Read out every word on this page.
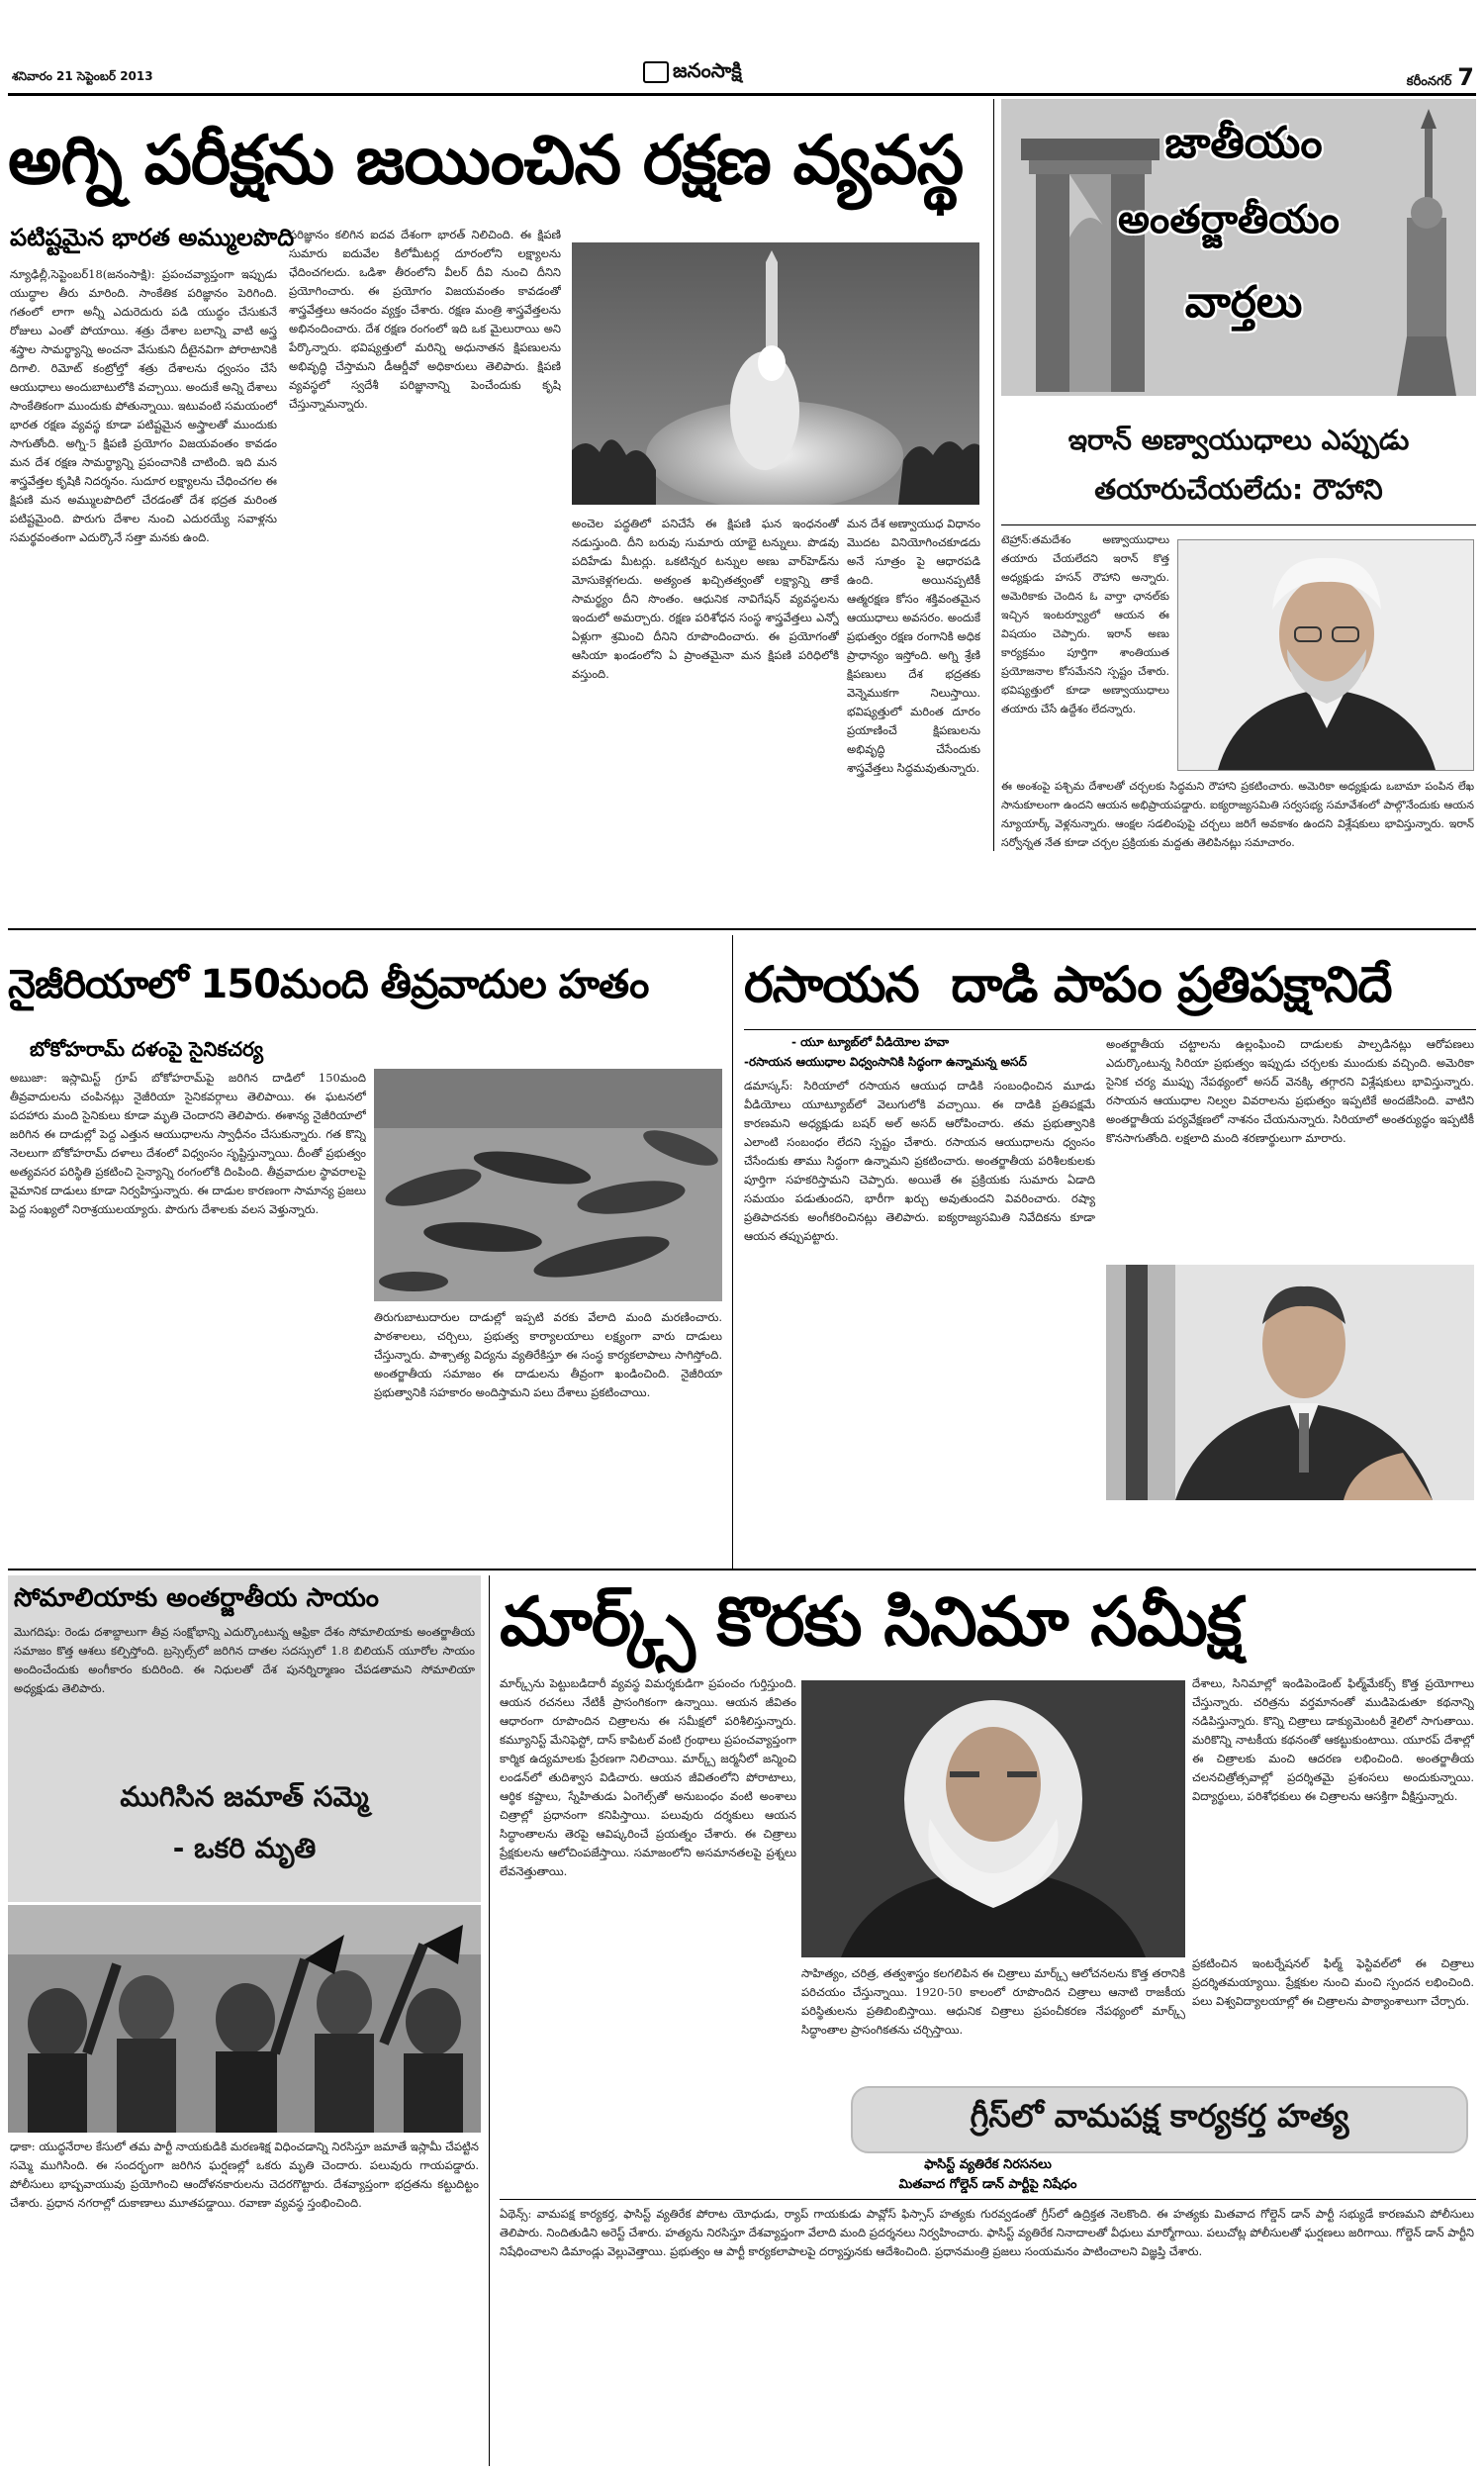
శనివారం 21 సెప్టెంబర్ 2013	జనంసాక్షి	కరీంనగర్ 7
అగ్ని పరీక్షను జయించిన రక్షణ వ్యవస్థ
పటిష్టమైన భారత అమ్ములపొది
న్యూఢిల్లీ,సెప్టెంబర్18(జనంసాక్షి): ప్రపంచవ్యాప్తంగా ఇప్పుడు యుద్ధాల తీరు మారింది. సాంకేతిక పరిజ్ఞానం పెరిగింది. గతంలో లాగా అన్నీ ఎదురెదురు పడి యుద్ధం చేసుకునే రోజులు ఎంతో పోయాయి. శత్రు దేశాల బలాన్ని వాటి అస్త్ర శస్త్రాల సామర్థ్యాన్ని అంచనా వేసుకుని దీటైనవిగా పోరాటానికి దిగాలి. రిమోట్ కంట్రోల్తో శత్రు దేశాలను ధ్వంసం చేసే ఆయుధాలు అందుబాటులోకి వచ్చాయి. అందుకే అన్ని దేశాలు సాంకేతికంగా ముందుకు పోతున్నాయి. ఇటువంటి సమయంలో భారత రక్షణ వ్యవస్థ కూడా పటిష్టమైన అస్త్రాలతో ముందుకు సాగుతోంది. అగ్ని-5 క్షిపణి ప్రయోగం విజయవంతం కావడం మన దేశ రక్షణ సామర్థ్యాన్ని ప్రపంచానికి చాటింది. ఇది మన శాస్త్రవేత్తల కృషికి నిదర్శనం. సుదూర లక్ష్యాలను చేధించగల ఈ క్షిపణి మన అమ్ములపొదిలో చేరడంతో దేశ భద్రత మరింత పటిష్టమైంది. పొరుగు దేశాల నుంచి ఎదురయ్యే సవాళ్లను సమర్థవంతంగా ఎదుర్కొనే సత్తా మనకు ఉంది.
పరిజ్ఞానం కలిగిన ఐదవ దేశంగా భారత్ నిలిచింది. ఈ క్షిపణి సుమారు ఐదువేల కిలోమీటర్ల దూరంలోని లక్ష్యాలను ఛేదించగలదు. ఒడిశా తీరంలోని వీలర్ దీవి నుంచి దీనిని ప్రయోగించారు. ఈ ప్రయోగం విజయవంతం కావడంతో శాస్త్రవేత్తలు ఆనందం వ్యక్తం చేశారు. రక్షణ మంత్రి శాస్త్రవేత్తలను అభినందించారు. దేశ రక్షణ రంగంలో ఇది ఒక మైలురాయి అని పేర్కొన్నారు. భవిష్యత్తులో మరిన్ని అధునాతన క్షిపణులను అభివృద్ధి చేస్తామని డీఆర్డీవో అధికారులు తెలిపారు. క్షిపణి వ్యవస్థలో స్వదేశీ పరిజ్ఞానాన్ని పెంచేందుకు కృషి చేస్తున్నామన్నారు.
అంచెల పద్ధతిలో పనిచేసే ఈ క్షిపణి ఘన ఇంధనంతో నడుస్తుంది. దీని బరువు సుమారు యాభై టన్నులు. పొడవు పదిహేడు మీటర్లు. ఒకటిన్నర టన్నుల అణు వార్‌హెడ్‌ను మోసుకెళ్లగలదు. అత్యంత ఖచ్చితత్వంతో లక్ష్యాన్ని తాకే సామర్థ్యం దీని సొంతం. ఆధునిక నావిగేషన్ వ్యవస్థలను ఇందులో అమర్చారు. రక్షణ పరిశోధన సంస్థ శాస్త్రవేత్తలు ఎన్నో ఏళ్లుగా శ్రమించి దీనిని రూపొందించారు. ఈ ప్రయోగంతో ఆసియా ఖండంలోని ఏ ప్రాంతమైనా మన క్షిపణి పరిధిలోకి వస్తుంది.
మన దేశ అణ్వాయుధ విధానం మొదట వినియోగించకూడదు అనే సూత్రం పై ఆధారపడి ఉంది. అయినప్పటికీ ఆత్మరక్షణ కోసం శక్తివంతమైన ఆయుధాలు అవసరం. అందుకే ప్రభుత్వం రక్షణ రంగానికి అధిక ప్రాధాన్యం ఇస్తోంది. అగ్ని శ్రేణి క్షిపణులు దేశ భద్రతకు వెన్నెముకగా నిలుస్తాయి. భవిష్యత్తులో మరింత దూరం ప్రయాణించే క్షిపణులను అభివృద్ధి చేసేందుకు శాస్త్రవేత్తలు సిద్ధమవుతున్నారు.
జాతీయం
అంతర్జాతీయం
వార్తలు
ఇరాన్ అణ్వాయుధాలు ఎప్పుడు
తయారుచేయలేదు: రౌహాని
టెహ్రాన్:తమదేశం అణ్వాయుధాలు తయారు చేయలేదని ఇరాన్ కొత్త అధ్యక్షుడు హసన్ రౌహాని అన్నారు. అమెరికాకు చెందిన ఓ వార్తా ఛానల్‌కు ఇచ్చిన ఇంటర్వ్యూలో ఆయన ఈ విషయం చెప్పారు. ఇరాన్ అణు కార్యక్రమం పూర్తిగా శాంతియుత ప్రయోజనాల కోసమేనని స్పష్టం చేశారు. భవిష్యత్తులో కూడా అణ్వాయుధాలు తయారు చేసే ఉద్దేశం లేదన్నారు.
ఈ అంశంపై పశ్చిమ దేశాలతో చర్చలకు సిద్ధమని రౌహాని ప్రకటించారు. అమెరికా అధ్యక్షుడు ఒబామా పంపిన లేఖ సానుకూలంగా ఉందని ఆయన అభిప్రాయపడ్డారు. ఐక్యరాజ్యసమితి సర్వసభ్య సమావేశంలో పాల్గొనేందుకు ఆయన న్యూయార్క్ వెళ్లనున్నారు. ఆంక్షల సడలింపుపై చర్చలు జరిగే అవకాశం ఉందని విశ్లేషకులు భావిస్తున్నారు. ఇరాన్ సర్వోన్నత నేత కూడా చర్చల ప్రక్రియకు మద్దతు తెలిపినట్లు సమాచారం.
నైజీరియాలో 150మంది తీవ్రవాదుల హతం
బోకోహరామ్ దళంపై సైనికచర్య
అబుజా: ఇస్లామిస్ట్ గ్రూప్ బోకోహరామ్‌పై జరిగిన దాడిలో 150మంది తీవ్రవాదులను చంపినట్లు నైజీరియా సైనికవర్గాలు తెలిపాయి. ఈ ఘటనలో పదహారు మంది సైనికులు కూడా మృతి చెందారని తెలిపారు. ఈశాన్య నైజీరియాలో జరిగిన ఈ దాడుల్లో పెద్ద ఎత్తున ఆయుధాలను స్వాధీనం చేసుకున్నారు. గత కొన్ని నెలలుగా బోకోహరామ్ దళాలు దేశంలో విధ్వంసం సృష్టిస్తున్నాయి. దీంతో ప్రభుత్వం అత్యవసర పరిస్థితి ప్రకటించి సైన్యాన్ని రంగంలోకి దింపింది. తీవ్రవాదుల స్థావరాలపై వైమానిక దాడులు కూడా నిర్వహిస్తున్నారు. ఈ దాడుల కారణంగా సామాన్య ప్రజలు పెద్ద సంఖ్యలో నిరాశ్రయులయ్యారు. పొరుగు దేశాలకు వలస వెళ్తున్నారు.
తిరుగుబాటుదారుల దాడుల్లో ఇప్పటి వరకు వేలాది మంది మరణించారు. పాఠశాలలు, చర్చిలు, ప్రభుత్వ కార్యాలయాలు లక్ష్యంగా వారు దాడులు చేస్తున్నారు. పాశ్చాత్య విద్యను వ్యతిరేకిస్తూ ఈ సంస్థ కార్యకలాపాలు సాగిస్తోంది. అంతర్జాతీయ సమాజం ఈ దాడులను తీవ్రంగా ఖండించింది. నైజీరియా ప్రభుత్వానికి సహకారం అందిస్తామని పలు దేశాలు ప్రకటించాయి.
రసాయన  దాడి పాపం ప్రతిపక్షానిదే
- యూ ట్యూబ్‌లో వీడియోల హవా
-రసాయన ఆయుధాల విధ్వంసానికి సిద్ధంగా ఉన్నామన్న అసద్
డమాస్కస్: సిరియాలో రసాయన ఆయుధ దాడికి సంబంధించిన మూడు వీడియోలు యూట్యూబ్‌లో వెలుగులోకి వచ్చాయి. ఈ దాడికి ప్రతిపక్షమే కారణమని అధ్యక్షుడు బషర్ అల్ అసద్ ఆరోపించారు. తమ ప్రభుత్వానికి ఎలాంటి సంబంధం లేదని స్పష్టం చేశారు. రసాయన ఆయుధాలను ధ్వంసం చేసేందుకు తాము సిద్ధంగా ఉన్నామని ప్రకటించారు. అంతర్జాతీయ పరిశీలకులకు పూర్తిగా సహకరిస్తామని చెప్పారు. అయితే ఈ ప్రక్రియకు సుమారు ఏడాది సమయం పడుతుందని, భారీగా ఖర్చు అవుతుందని వివరించారు. రష్యా ప్రతిపాదనకు అంగీకరించినట్లు తెలిపారు. ఐక్యరాజ్యసమితి నివేదికను కూడా ఆయన తప్పుపట్టారు.
అంతర్జాతీయ చట్టాలను ఉల్లంఘించి దాడులకు పాల్పడినట్లు ఆరోపణలు ఎదుర్కొంటున్న సిరియా ప్రభుత్వం ఇప్పుడు చర్చలకు ముందుకు వచ్చింది. అమెరికా సైనిక చర్య ముప్పు నేపథ్యంలో అసద్ వెనక్కి తగ్గారని విశ్లేషకులు భావిస్తున్నారు. రసాయన ఆయుధాల నిల్వల వివరాలను ప్రభుత్వం ఇప్పటికే అందజేసింది. వాటిని అంతర్జాతీయ పర్యవేక్షణలో నాశనం చేయనున్నారు. సిరియాలో అంతర్యుద్ధం ఇప్పటికీ కొనసాగుతోంది. లక్షలాది మంది శరణార్థులుగా మారారు.
సోమాలియాకు అంతర్జాతీయ సాయం
మొగదిషు: రెండు దశాబ్దాలుగా తీవ్ర సంక్షోభాన్ని ఎదుర్కొంటున్న ఆఫ్రికా దేశం సోమాలియాకు అంతర్జాతీయ సమాజం కొత్త ఆశలు కల్పిస్తోంది. బ్రస్సెల్స్‌లో జరిగిన దాతల సదస్సులో 1.8 బిలియన్ యూరోల సాయం అందించేందుకు అంగీకారం కుదిరింది. ఈ నిధులతో దేశ పునర్నిర్మాణం చేపడతామని సోమాలియా అధ్యక్షుడు తెలిపారు.
ముగిసిన జమాత్ సమ్మె
- ఒకరి మృతి
ఢాకా: యుద్ధనేరాల కేసులో తమ పార్టీ నాయకుడికి మరణశిక్ష విధించడాన్ని నిరసిస్తూ జమాతే ఇస్లామీ చేపట్టిన సమ్మె ముగిసింది. ఈ సందర్భంగా జరిగిన ఘర్షణల్లో ఒకరు మృతి చెందారు. పలువురు గాయపడ్డారు. పోలీసులు భాష్పవాయువు ప్రయోగించి ఆందోళనకారులను చెదరగొట్టారు. దేశవ్యాప్తంగా భద్రతను కట్టుదిట్టం చేశారు. ప్రధాన నగరాల్లో దుకాణాలు మూతపడ్డాయి. రవాణా వ్యవస్థ స్తంభించింది.
మార్క్స్ కొరకు సినిమా సమీక్ష
మార్క్స్‌ను పెట్టుబడిదారీ వ్యవస్థ విమర్శకుడిగా ప్రపంచం గుర్తిస్తుంది. ఆయన రచనలు నేటికీ ప్రాసంగికంగా ఉన్నాయి. ఆయన జీవితం ఆధారంగా రూపొందిన చిత్రాలను ఈ సమీక్షలో పరిశీలిస్తున్నారు. కమ్యూనిస్ట్ మేనిఫెస్టో, దాస్ కాపిటల్ వంటి గ్రంథాలు ప్రపంచవ్యాప్తంగా కార్మిక ఉద్యమాలకు ప్రేరణగా నిలిచాయి. మార్క్స్ జర్మనీలో జన్మించి లండన్‌లో తుదిశ్వాస విడిచారు. ఆయన జీవితంలోని పోరాటాలు, ఆర్థిక కష్టాలు, స్నేహితుడు ఏంగెల్స్‌తో అనుబంధం వంటి అంశాలు చిత్రాల్లో ప్రధానంగా కనిపిస్తాయి. పలువురు దర్శకులు ఆయన సిద్ధాంతాలను తెరపై ఆవిష్కరించే ప్రయత్నం చేశారు. ఈ చిత్రాలు ప్రేక్షకులను ఆలోచింపజేస్తాయి. సమాజంలోని అసమానతలపై ప్రశ్నలు లేవనెత్తుతాయి.
దేశాలు, సినిమాల్లో ఇండిపెండెంట్ ఫిల్మ్‌మేకర్స్ కొత్త ప్రయోగాలు చేస్తున్నారు. చరిత్రను వర్తమానంతో ముడిపెడుతూ కథనాన్ని నడిపిస్తున్నారు. కొన్ని చిత్రాలు డాక్యుమెంటరీ శైలిలో సాగుతాయి. మరికొన్ని నాటకీయ కథనంతో ఆకట్టుకుంటాయి. యూరప్ దేశాల్లో ఈ చిత్రాలకు మంచి ఆదరణ లభించింది. అంతర్జాతీయ చలనచిత్రోత్సవాల్లో ప్రదర్శితమై ప్రశంసలు అందుకున్నాయి. విద్యార్థులు, పరిశోధకులు ఈ చిత్రాలను ఆసక్తిగా వీక్షిస్తున్నారు.
సాహిత్యం, చరిత్ర, తత్వశాస్త్రం కలగలిపిన ఈ చిత్రాలు మార్క్స్ ఆలోచనలను కొత్త తరానికి పరిచయం చేస్తున్నాయి. 1920-50 కాలంలో రూపొందిన చిత్రాలు ఆనాటి రాజకీయ పరిస్థితులను ప్రతిబింబిస్తాయి. ఆధునిక చిత్రాలు ప్రపంచీకరణ నేపథ్యంలో మార్క్స్ సిద్ధాంతాల ప్రాసంగికతను చర్చిస్తాయి.
ప్రకటించిన ఇంటర్నేషనల్ ఫిల్మ్ ఫెస్టివల్‌లో ఈ చిత్రాలు ప్రదర్శితమయ్యాయి. ప్రేక్షకుల నుంచి మంచి స్పందన లభించింది. పలు విశ్వవిద్యాలయాల్లో ఈ చిత్రాలను పాఠ్యాంశాలుగా చేర్చారు.
గ్రీస్‌లో వామపక్ష కార్యకర్త హత్య
ఫాసిస్ట్ వ్యతిరేక నిరసనలు
మితవాద గోల్డెన్ డాన్ పార్టీపై నిషేధం
ఏథెన్స్: వామపక్ష కార్యకర్త, ఫాసిస్ట్ వ్యతిరేక పోరాట యోధుడు, ర్యాప్ గాయకుడు పావ్లోస్ ఫిస్సాస్ హత్యకు గురవ్వడంతో గ్రీస్‌లో ఉద్రిక్తత నెలకొంది. ఈ హత్యకు మితవాద గోల్డెన్ డాన్ పార్టీ సభ్యుడే కారణమని పోలీసులు తెలిపారు. నిందితుడిని అరెస్ట్ చేశారు. హత్యను నిరసిస్తూ దేశవ్యాప్తంగా వేలాది మంది ప్రదర్శనలు నిర్వహించారు. ఫాసిస్ట్ వ్యతిరేక నినాదాలతో వీధులు మార్మోగాయి. పలుచోట్ల పోలీసులతో ఘర్షణలు జరిగాయి. గోల్డెన్ డాన్ పార్టీని నిషేధించాలని డిమాండ్లు వెల్లువెత్తాయి. ప్రభుత్వం ఆ పార్టీ కార్యకలాపాలపై దర్యాప్తునకు ఆదేశించింది. ప్రధానమంత్రి ప్రజలు సంయమనం పాటించాలని విజ్ఞప్తి చేశారు.
